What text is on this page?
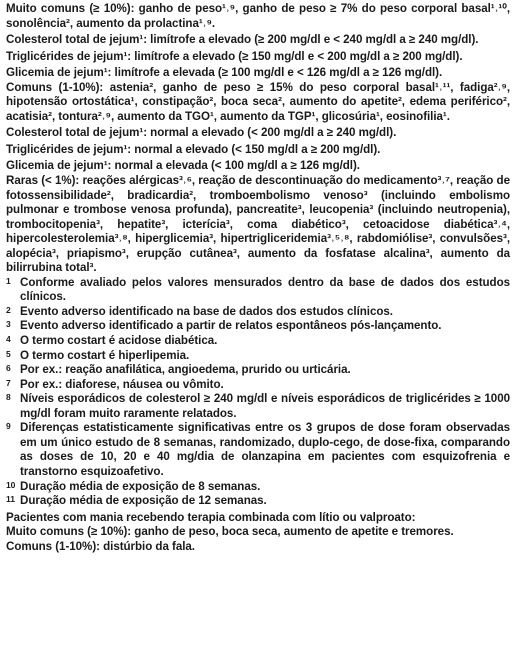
Muito comuns (≥ 10%): ganho de peso¹˒⁹, ganho de peso ≥ 7% do peso corporal basal¹˒¹⁰, sonolência², aumento da prolactina¹˒⁹.

Colesterol total de jejum¹: limítrofe a elevado (≥ 200 mg/dl e < 240 mg/dl a ≥ 240 mg/dl).

Triglicérides de jejum¹: limítrofe a elevado (≥ 150 mg/dl e < 200 mg/dl a ≥ 200 mg/dl).

Glicemia de jejum¹: limítrofe a elevada (≥ 100 mg/dl e < 126 mg/dl a ≥ 126 mg/dl).

Comuns (1-10%): astenia², ganho de peso ≥ 15% do peso corporal basal¹˒¹¹, fadiga²˒⁹, hipotensão ortostática¹, constipação², boca seca², aumento do apetite², edema periférico², acatisia², tontura²˒⁹, aumento da TGO¹, aumento da TGP¹, glicosúria¹, eosinofilia¹.

Colesterol total de jejum¹: normal a elevado (< 200 mg/dl a ≥ 240 mg/dl).

Triglicérides de jejum¹: normal a elevado (< 150 mg/dl a ≥ 200 mg/dl).

Glicemia de jejum¹: normal a elevada (< 100 mg/dl a ≥ 126 mg/dl).

Raras (< 1%): reações alérgicas³˒⁶, reação de descontinuação do medicamento³˒⁷, reação de fotossensibilidade², bradicardia², tromboembolismo venoso³ (incluindo embolismo pulmonar e trombose venosa profunda), pancreatite³, leucopenia³ (incluindo neutropenia), trombocitopenia³, hepatite³, icterícia³, coma diabético³, cetoacidose diabética³˒⁴, hipercolesterolemia³˒⁸, hiperglicemia³, hipertrigliceridemia³˒⁵˒⁸, rabdomiólise³, convulsões³, alopécia³, priapismo³, erupção cutânea³, aumento da fosfatase alcalina³, aumento da bilirrubina total³.

1 Conforme avaliado pelos valores mensurados dentro da base de dados dos estudos clínicos.

2 Evento adverso identificado na base de dados dos estudos clínicos.

3 Evento adverso identificado a partir de relatos espontâneos pós-lançamento.

4 O termo costart é acidose diabética.

5 O termo costart é hiperlipemia.

6 Por ex.: reação anafilática, angioedema, prurido ou urticária.

7 Por ex.: diaforese, náusea ou vômito.

8 Níveis esporádicos de colesterol ≥ 240 mg/dl e níveis esporádicos de triglicérides ≥ 1000 mg/dl foram muito raramente relatados.

9 Diferenças estatisticamente significativas entre os 3 grupos de dose foram observadas em um único estudo de 8 semanas, randomizado, duplo-cego, de dose-fixa, comparando as doses de 10, 20 e 40 mg/dia de olanzapina em pacientes com esquizofrenia e transtorno esquizoafetivo.

10 Duração média de exposição de 8 semanas.

11 Duração média de exposição de 12 semanas.

Pacientes com mania recebendo terapia combinada com lítio ou valproato:

Muito comuns (≥ 10%): ganho de peso, boca seca, aumento de apetite e tremores.

Comuns (1-10%): distúrbio da fala.
